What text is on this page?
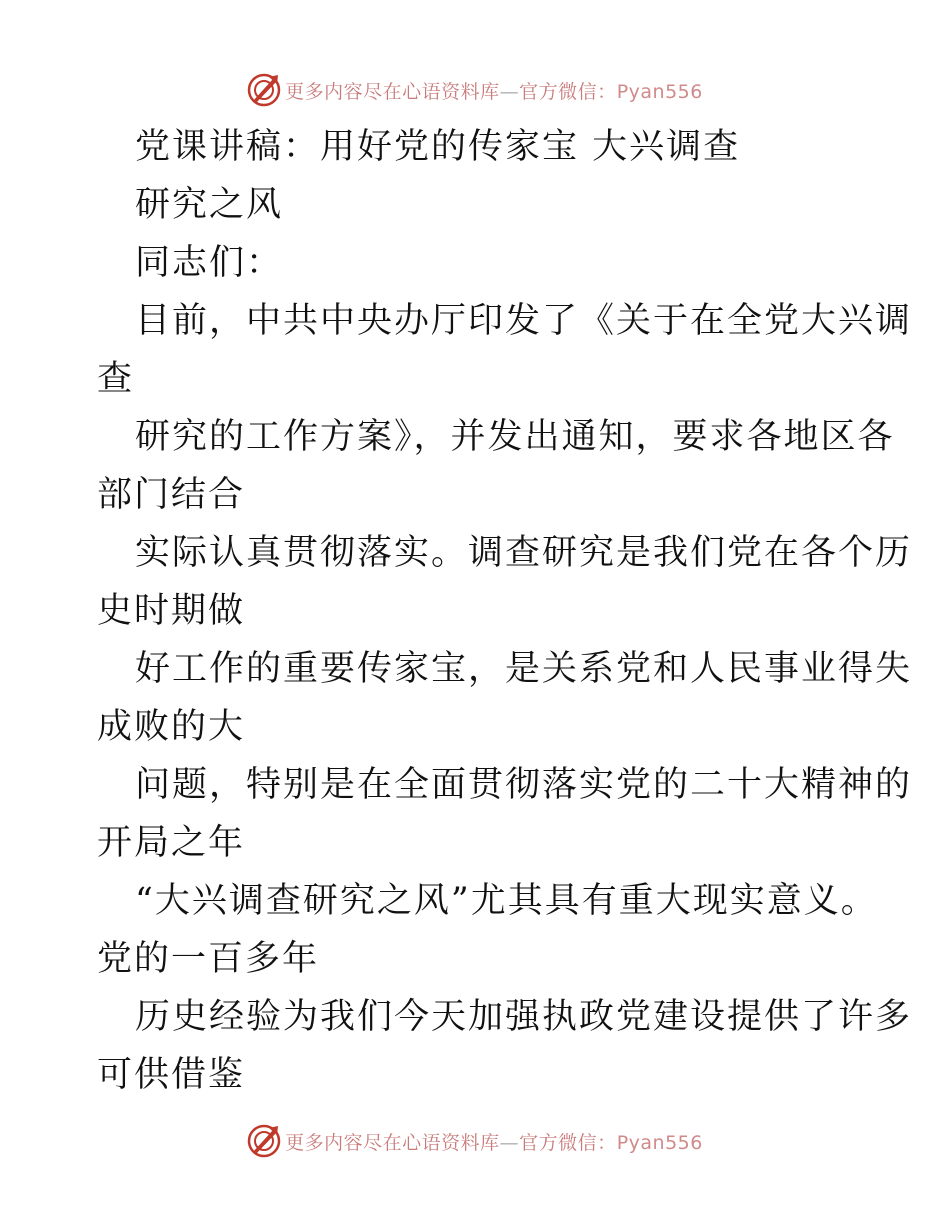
更多内容尽在心语资料库—官方微信：Pyan556
党课讲稿：用好党的传家宝 大兴调查
研究之风
同志们：
目前，中共中央办厅印发了《关于在全党大兴调
查
研究的工作方案》，并发出通知，要求各地区各
部门结合
实际认真贯彻落实。调查研究是我们党在各个历
史时期做
好工作的重要传家宝，是关系党和人民事业得失
成败的大
问题，特别是在全面贯彻落实党的二十大精神的
开局之年
“大兴调查研究之风”尤其具有重大现实意义。
党的一百多年
历史经验为我们今天加强执政党建设提供了许多
可供借鉴
更多内容尽在心语资料库—官方微信：Pyan556
